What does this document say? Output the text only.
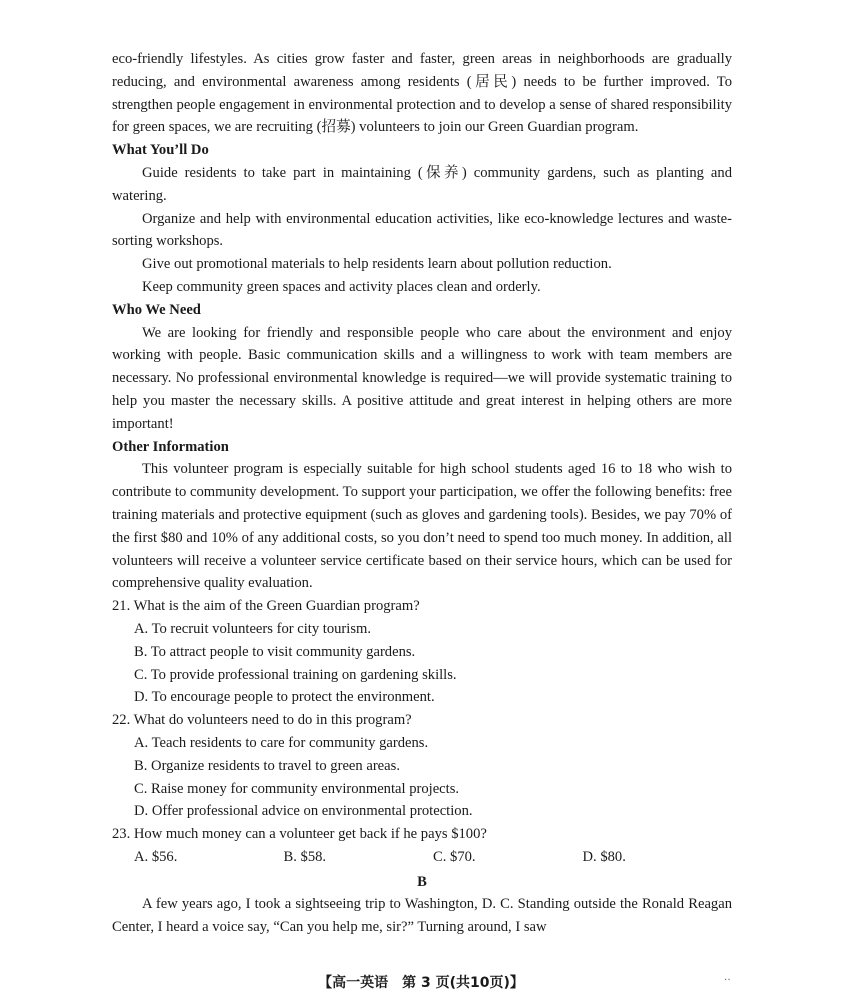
eco-friendly lifestyles. As cities grow faster and faster, green areas in neighborhoods are gradually reducing, and environmental awareness among residents (居民) needs to be further improved. To strengthen people engagement in environmental protection and to develop a sense of shared responsibility for green spaces, we are recruiting (招募) volunteers to join our Green Guardian program.

What You’ll Do

Guide residents to take part in maintaining (保养) community gardens, such as planting and watering.

Organize and help with environmental education activities, like eco-knowledge lectures and waste-sorting workshops.

Give out promotional materials to help residents learn about pollution reduction.

Keep community green spaces and activity places clean and orderly.

Who We Need

We are looking for friendly and responsible people who care about the environment and enjoy working with people. Basic communication skills and a willingness to work with team members are necessary. No professional environmental knowledge is required—we will provide systematic training to help you master the necessary skills. A positive attitude and great interest in helping others are more important!

Other Information

This volunteer program is especially suitable for high school students aged 16 to 18 who wish to contribute to community development. To support your participation, we offer the following benefits: free training materials and protective equipment (such as gloves and gardening tools). Besides, we pay 70% of the first $80 and 10% of any additional costs, so you don’t need to spend too much money. In addition, all volunteers will receive a volunteer service certificate based on their service hours, which can be used for comprehensive quality evaluation.

21. What is the aim of the Green Guardian program?

A. To recruit volunteers for city tourism.

B. To attract people to visit community gardens.

C. To provide professional training on gardening skills.

D. To encourage people to protect the environment.

22. What do volunteers need to do in this program?

A. Teach residents to care for community gardens.

B. Organize residents to travel to green areas.

C. Raise money for community environmental projects.

D. Offer professional advice on environmental protection.

23. How much money can a volunteer get back if he pays $100?

A. $56.	B. $58.	C. $70.	D. $80.

B

A few years ago, I took a sightseeing trip to Washington, D. C. Standing outside the Ronald Reagan Center, I heard a voice say, “Can you help me, sir?” Turning around, I saw

【高一英语　第 3 页(共10页)】	··
